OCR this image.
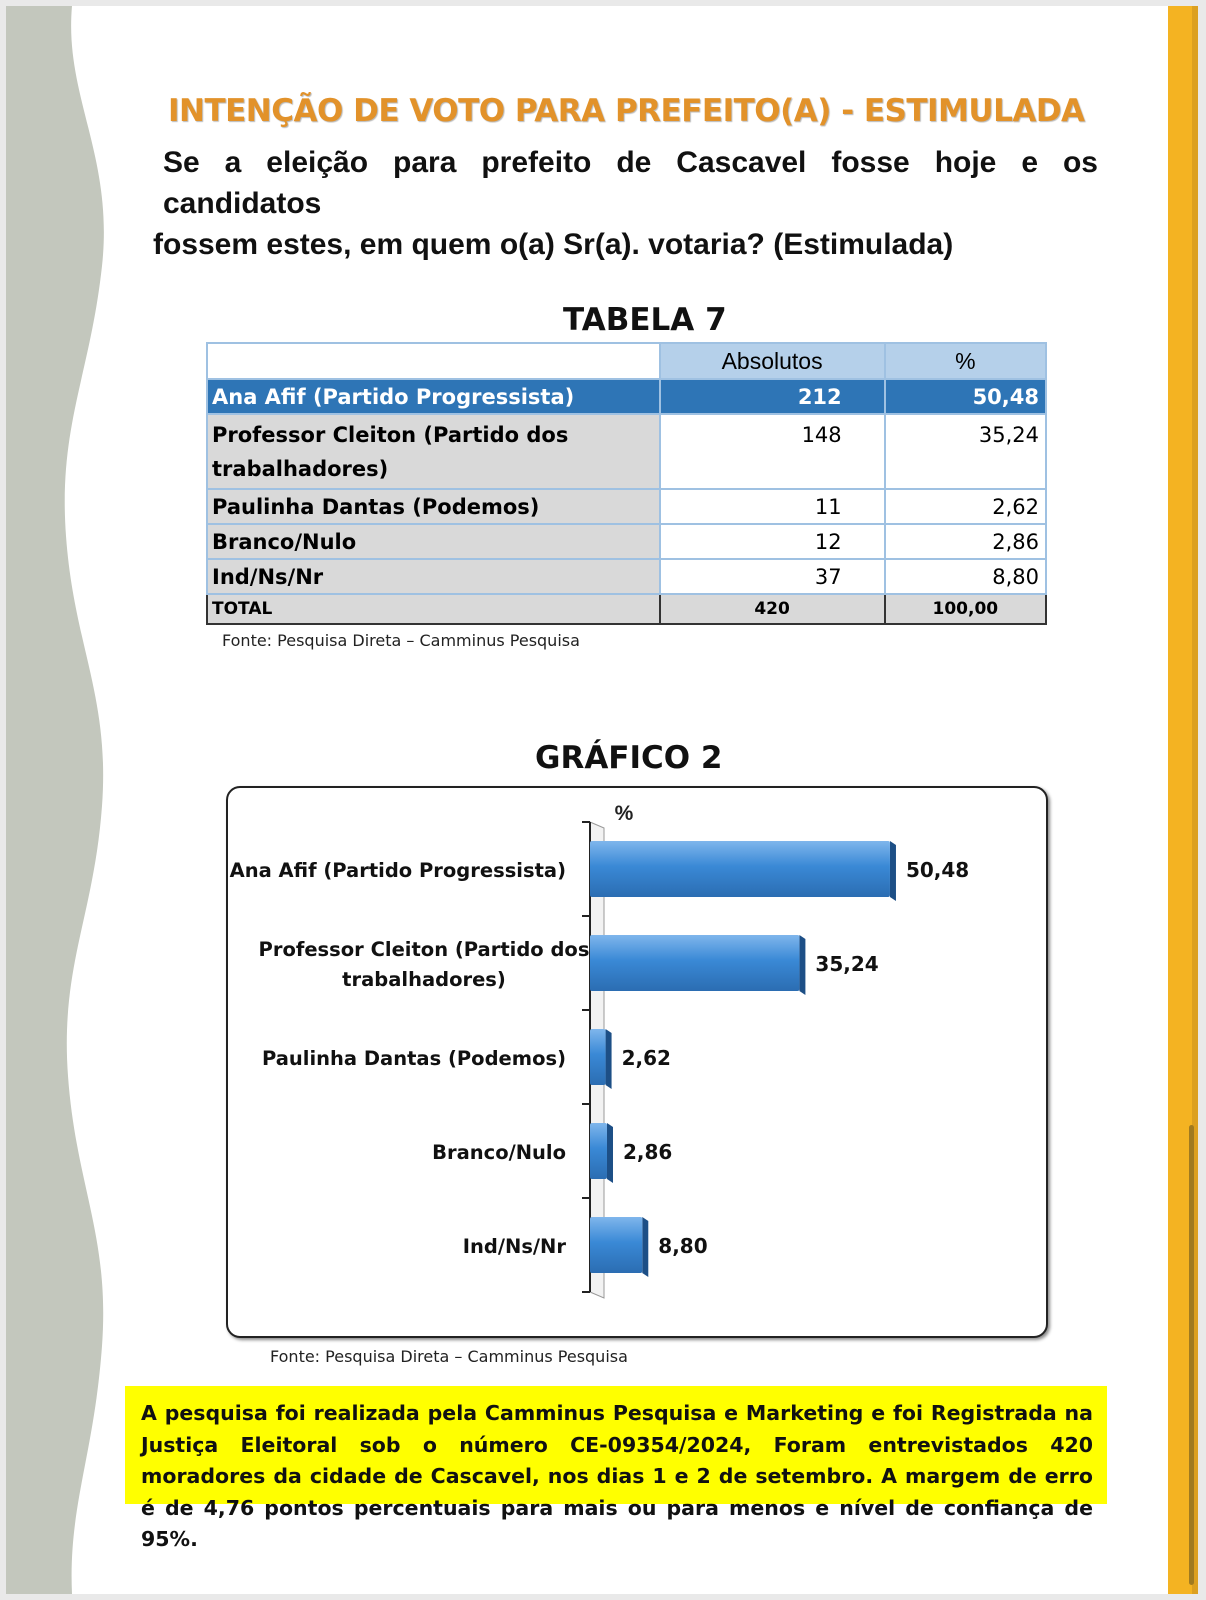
INTENÇÃO DE VOTO PARA PREFEITO(A) - ESTIMULADA

Se a eleição para prefeito de Cascavel fosse hoje e os candidatos
fossem estes, em quem o(a) Sr(a). votaria? (Estimulada)

TABELA 7
	Absolutos	%
Ana Afif (Partido Progressista)	212	50,48
Professor Cleiton (Partido dos trabalhadores)	148	35,24
Paulinha Dantas (Podemos)	11	2,62
Branco/Nulo	12	2,86
Ind/Ns/Nr	37	8,80
TOTAL	420	100,00

Fonte: Pesquisa Direta – Camminus Pesquisa

GRÁFICO 2
%
50,48
Ana Afif (Partido Progressista)
35,24
Professor Cleiton (Partido dos
trabalhadores)
2,62
Paulinha Dantas (Podemos)
2,86
Branco/Nulo
8,80
Ind/Ns/Nr

Fonte: Pesquisa Direta – Camminus Pesquisa

A pesquisa foi realizada pela Camminus Pesquisa e Marketing e foi Registrada na Justiça Eleitoral sob o número CE-09354/2024, Foram entrevistados 420 moradores da cidade de Cascavel, nos dias 1 e 2 de setembro. A margem de erro é de 4,76 pontos percentuais para mais ou para menos e nível de confiança de 95%.
